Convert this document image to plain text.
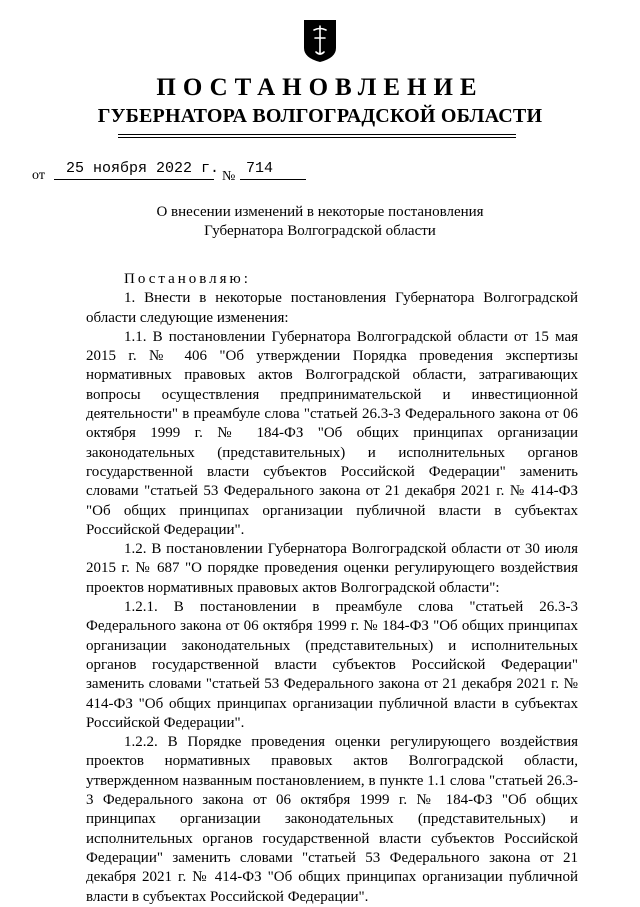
ПОСТАНОВЛЕНИЕ
ГУБЕРНАТОРА ВОЛГОГРАДСКОЙ ОБЛАСТИ
от 25 ноября 2022 г. № 714
О внесении изменений в некоторые постановления
Губернатора Волгоградской области

Постановляю:

1. Внести в некоторые постановления Губернатора Волгоградской области следующие изменения:

1.1. В постановлении Губернатора Волгоградской области от 15 мая 2015 г. № 406 "Об утверждении Порядка проведения экспертизы нормативных правовых актов Волгоградской области, затрагивающих вопросы осуществления предпринимательской и инвестиционной деятельности" в преамбуле слова "статьей 26.3-3 Федерального закона от 06 октября 1999 г. № 184-ФЗ "Об общих принципах организации законодательных (представительных) и исполнительных органов государственной власти субъектов Российской Федерации" заменить словами "статьей 53 Федерального закона от 21 декабря 2021 г. № 414-ФЗ "Об общих принципах организации публичной власти в субъектах Российской Федерации".

1.2. В постановлении Губернатора Волгоградской области от 30 июля 2015 г. № 687 "О порядке проведения оценки регулирующего воздействия проектов нормативных правовых актов Волгоградской области":

1.2.1. В постановлении в преамбуле слова "статьей 26.3-3 Федерального закона от 06 октября 1999 г. № 184-ФЗ "Об общих принципах организации законодательных (представительных) и исполнительных органов государственной власти субъектов Российской Федерации" заменить словами "статьей 53 Федерального закона от 21 декабря 2021 г. № 414-ФЗ "Об общих принципах организации публичной власти в субъектах Российской Федерации".

1.2.2. В Порядке проведения оценки регулирующего воздействия проектов нормативных правовых актов Волгоградской области, утвержденном названным постановлением, в пункте 1.1 слова "статьей 26.3-3 Федерального закона от 06 октября 1999 г. № 184-ФЗ "Об общих принципах организации законодательных (представительных) и исполнительных органов государственной власти субъектов Российской Федерации" заменить словами "статьей 53 Федерального закона от 21 декабря 2021 г. № 414-ФЗ "Об общих принципах организации публичной власти в субъектах Российской Федерации".
